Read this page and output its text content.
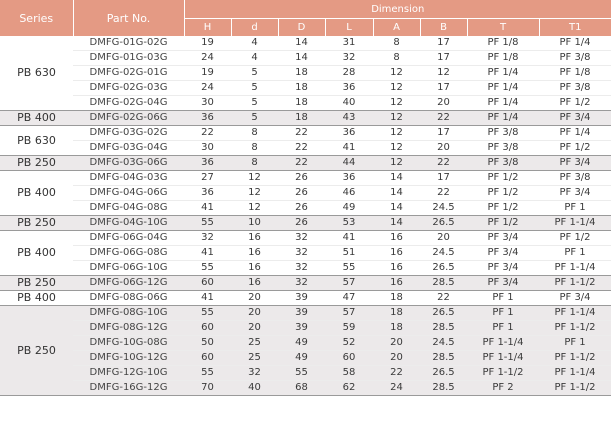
Series	Part No.	Dimension							
		H	d	D	L	A	B	T	T1
PB 630	DMFG-01G-02G	19	4	14	31	8	17	PF 1/8	PF 1/4
	DMFG-01G-03G	24	4	14	32	8	17	PF 1/8	PF 3/8
	DMFG-02G-01G	19	5	18	28	12	12	PF 1/4	PF 1/8
	DMFG-02G-03G	24	5	18	36	12	17	PF 1/4	PF 3/8
	DMFG-02G-04G	30	5	18	40	12	20	PF 1/4	PF 1/2
PB 400	DMFG-02G-06G	36	5	18	43	12	22	PF 1/4	PF 3/4
PB 630	DMFG-03G-02G	22	8	22	36	12	17	PF 3/8	PF 1/4
	DMFG-03G-04G	30	8	22	41	12	20	PF 3/8	PF 1/2
PB 250	DMFG-03G-06G	36	8	22	44	12	22	PF 3/8	PF 3/4
PB 400	DMFG-04G-03G	27	12	26	36	14	17	PF 1/2	PF 3/8
	DMFG-04G-06G	36	12	26	46	14	22	PF 1/2	PF 3/4
	DMFG-04G-08G	41	12	26	49	14	24.5	PF 1/2	PF 1
PB 250	DMFG-04G-10G	55	10	26	53	14	26.5	PF 1/2	PF 1-1/4
PB 400	DMFG-06G-04G	32	16	32	41	16	20	PF 3/4	PF 1/2
	DMFG-06G-08G	41	16	32	51	16	24.5	PF 3/4	PF 1
	DMFG-06G-10G	55	16	32	55	16	26.5	PF 3/4	PF 1-1/4
PB 250	DMFG-06G-12G	60	16	32	57	16	28.5	PF 3/4	PF 1-1/2
PB 400	DMFG-08G-06G	41	20	39	47	18	22	PF 1	PF 3/4
PB 250	DMFG-08G-10G	55	20	39	57	18	26.5	PF 1	PF 1-1/4
	DMFG-08G-12G	60	20	39	59	18	28.5	PF 1	PF 1-1/2
	DMFG-10G-08G	50	25	49	52	20	24.5	PF 1-1/4	PF 1
	DMFG-10G-12G	60	25	49	60	20	28.5	PF 1-1/4	PF 1-1/2
	DMFG-12G-10G	55	32	55	58	22	26.5	PF 1-1/2	PF 1-1/4
	DMFG-16G-12G	70	40	68	62	24	28.5	PF 2	PF 1-1/2
